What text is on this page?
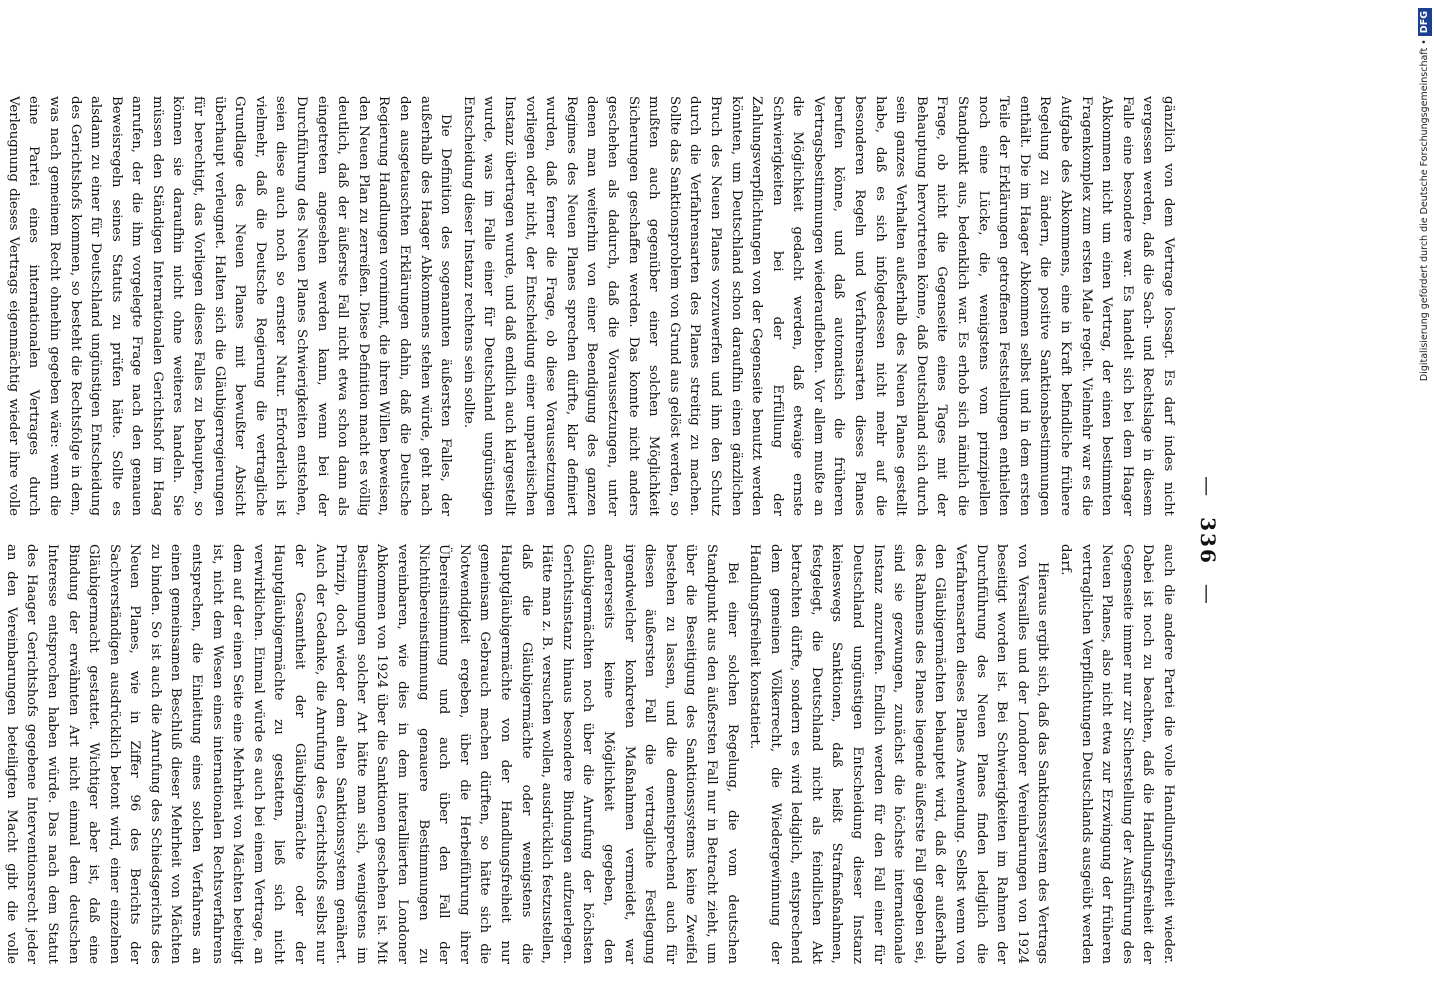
— 336 —

gänzlich von dem Vertrage lossagt. Es darf indes nicht vergessen werden, daß die Sach- und Rechtslage in diesem Falle eine besondere war. Es handelt sich bei dem Haager Abkommen nicht um einen Vertrag, der einen bestimmten Fragenkomplex zum ersten Male regelt. Vielmehr war es die Aufgabe des Abkommens, eine in Kraft befindliche frühere Regelung zu ändern, die positive Sanktionsbestimmungen enthält. Die im Haager Abkommen selbst und in dem ersten Teile der Erklärungen getroffenen Feststellungen enthielten noch eine Lücke, die, wenigstens vom prinzipiellen Standpunkt aus, bedenklich war. Es erhob sich nämlich die Frage, ob nicht die Gegenseite eines Tages mit der Behauptung hervortreten könne, daß Deutschland sich durch sein ganzes Verhalten außerhalb des Neuen Planes gestellt habe, daß es sich infolgedessen nicht mehr auf die besonderen Regeln und Verfahrensarten dieses Planes berufen könne, und daß automatisch die früheren Vertragsbestimmungen wiederauflebten. Vor allem mußte an die Möglichkeit gedacht werden, daß etwaige ernste Schwierigkeiten bei der Erfüllung der Zahlungsverpflichtungen von der Gegenseite benutzt werden könnten, um Deutschland schon daraufhin einen gänzlichen Bruch des Neuen Planes vorzuwerfen und ihm den Schutz durch die Verfahrensarten des Planes streitig zu machen. Sollte das Sanktionsproblem von Grund aus gelöst werden, so mußten auch gegenüber einer solchen Möglichkeit Sicherungen geschaffen werden. Das konnte nicht anders geschehen als dadurch, daß die Voraussetzungen, unter denen man weiterhin von einer Beendigung des ganzen Regimes des Neuen Planes sprechen dürfte, klar definiert wurden, daß ferner die Frage, ob diese Voraussetzungen vorliegen oder nicht, der Entscheidung einer unparteiischen Instanz übertragen wurde, und daß endlich auch klargestellt wurde, was im Falle einer für Deutschland ungünstigen Entscheidung dieser Instanz rechtens sein sollte.

Die Definition des sogenannten äußersten Falles, der außerhalb des Haager Abkommens stehen würde, geht nach den ausgetauschten Erklärungen dahin, daß die Deutsche Regierung Handlungen vornimmt, die ihren Willen beweisen, den Neuen Plan zu zerreißen. Diese Definition macht es völlig deutlich, daß der äußerste Fall nicht etwa schon dann als eingetreten angesehen werden kann, wenn bei der Durchführung des Neuen Planes Schwierigkeiten entstehen, seien diese auch noch so ernster Natur. Erforderlich ist vielmehr, daß die Deutsche Regierung die vertragliche Grundlage des Neuen Planes mit bewußter Absicht überhaupt verleugnet. Halten sich die Gläubigerregierungen für berechtigt, das Vorliegen dieses Falles zu behaupten, so können sie daraufhin nicht ohne weiteres handeln. Sie müssen den Ständigen Internationalen Gerichtshof im Haag anrufen, der die ihm vorgelegte Frage nach den genauen Beweisregeln seines Statuts zu prüfen hätte. Sollte es alsdann zu einer für Deutschland ungünstigen Entscheidung des Gerichtshofs kommen, so besteht die Rechtsfolge in dem, was nach gemeinem Recht ohnehin gegeben wäre: wenn die eine Partei eines internationalen Vertrages durch Verleugnung dieses Vertrags eigenmächtig wieder ihre volle

auch die andere Partei die volle Handlungsfreiheit wieder. Dabei ist noch zu beachten, daß die Handlungsfreiheit der Gegenseite immer nur zur Sicherstellung der Ausführung des Neuen Planes, also nicht etwa zur Erzwingung der früheren vertraglichen Verpflichtungen Deutschlands ausgeübt werden darf.

Hieraus ergibt sich, daß das Sanktionssystem des Vertrags von Versailles und der Londoner Vereinbarungen von 1924 beseitigt worden ist. Bei Schwierigkeiten im Rahmen der Durchführung des Neuen Planes finden lediglich die Verfahrensarten dieses Planes Anwendung. Selbst wenn von den Gläubigermächten behauptet wird, daß der außerhalb des Rahmens des Planes liegende äußerste Fall gegeben sei, sind sie gezwungen, zunächst die höchste internationale Instanz anzurufen. Endlich werden für den Fall einer für Deutschland ungünstigen Entscheidung dieser Instanz keineswegs Sanktionen, daß heißt Strafmaßnahmen, festgelegt, die Deutschland nicht als feindlichen Akt betrachten dürfte, sondern es wird lediglich, entsprechend dem gemeinen Völkerrecht, die Wiedergewinnung der Handlungsfreiheit konstatiert.

Bei einer solchen Regelung, die vom deutschen Standpunkt aus den äußersten Fall nur in Betracht zieht, um über die Beseitigung des Sanktionssystems keine Zweifel bestehen zu lassen, und die dementsprechend auch für diesen äußersten Fall die vertragliche Festlegung irgendwelcher konkreten Maßnahmen vermeidet, war andererseits keine Möglichkeit gegeben, den Gläubigermächten noch über die Anrufung der höchsten Gerichtsinstanz hinaus besondere Bindungen aufzuerlegen. Hätte man z. B. versuchen wollen, ausdrücklich festzustellen, daß die Gläubigermächte oder wenigstens die Hauptgläubigermächte von der Handlungsfreiheit nur gemeinsam Gebrauch machen dürften, so hätte sich die Notwendigkeit ergeben, über die Herbeiführung ihrer Übereinstimmung und auch über den Fall der Nichtübereinstimmung genauere Bestimmungen zu vereinbaren, wie dies in dem interalliierten Londoner Abkommen von 1924 über die Sanktionen geschehen ist. Mit Bestimmungen solcher Art hätte man sich, wenigstens im Prinzip, doch wieder dem alten Sanktionssystem genähert. Auch der Gedanke, die Anrufung des Gerichtshofs selbst nur der Gesamtheit der Gläubigermächte oder der Hauptgläubigermächte zu gestatten, ließ sich nicht verwirklichen. Einmal würde es auch bei einem Vertrage, an dem auf der einen Seite eine Mehrheit von Mächten beteiligt ist, nicht dem Wesen eines internationalen Rechtsverfahrens entsprechen, die Einleitung eines solchen Verfahrens an einen gemeinsamen Beschluß dieser Mehrheit von Mächten zu binden. So ist auch die Anrufung des Schiedsgerichts des Neuen Planes, wie in Ziffer 96 des Berichts der Sachverständigen ausdrücklich betont wird, einer einzelnen Gläubigermacht gestattet. Wichtiger aber ist, daß eine Bindung der erwähnten Art nicht einmal dem deutschen Interesse entsprochen haben würde. Das nach dem Statut des Haager Gerichtshofs gegebene Interventionsrecht jeder an den Vereinbarungen beteiligten Macht gibt die volle

Digitalisierung gefördert durch die Deutsche Forschungsgemeinschaft •DFG
